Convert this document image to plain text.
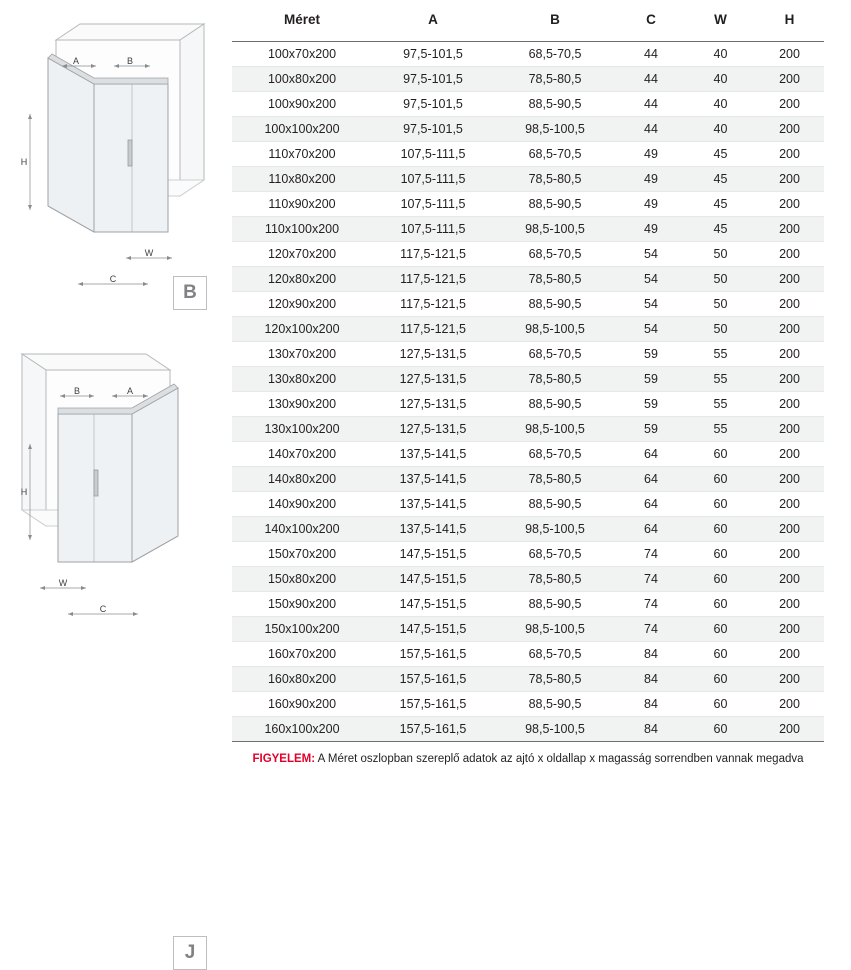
A	B
H
W
C
B
B	A
H
W
C
J
Méret	A	B	C	W	H
100x70x200	97,5-101,5	68,5-70,5	44	40	200
100x80x200	97,5-101,5	78,5-80,5	44	40	200
100x90x200	97,5-101,5	88,5-90,5	44	40	200
100x100x200	97,5-101,5	98,5-100,5	44	40	200
110x70x200	107,5-111,5	68,5-70,5	49	45	200
110x80x200	107,5-111,5	78,5-80,5	49	45	200
110x90x200	107,5-111,5	88,5-90,5	49	45	200
110x100x200	107,5-111,5	98,5-100,5	49	45	200
120x70x200	117,5-121,5	68,5-70,5	54	50	200
120x80x200	117,5-121,5	78,5-80,5	54	50	200
120x90x200	117,5-121,5	88,5-90,5	54	50	200
120x100x200	117,5-121,5	98,5-100,5	54	50	200
130x70x200	127,5-131,5	68,5-70,5	59	55	200
130x80x200	127,5-131,5	78,5-80,5	59	55	200
130x90x200	127,5-131,5	88,5-90,5	59	55	200
130x100x200	127,5-131,5	98,5-100,5	59	55	200
140x70x200	137,5-141,5	68,5-70,5	64	60	200
140x80x200	137,5-141,5	78,5-80,5	64	60	200
140x90x200	137,5-141,5	88,5-90,5	64	60	200
140x100x200	137,5-141,5	98,5-100,5	64	60	200
150x70x200	147,5-151,5	68,5-70,5	74	60	200
150x80x200	147,5-151,5	78,5-80,5	74	60	200
150x90x200	147,5-151,5	88,5-90,5	74	60	200
150x100x200	147,5-151,5	98,5-100,5	74	60	200
160x70x200	157,5-161,5	68,5-70,5	84	60	200
160x80x200	157,5-161,5	78,5-80,5	84	60	200
160x90x200	157,5-161,5	88,5-90,5	84	60	200
160x100x200	157,5-161,5	98,5-100,5	84	60	200
FIGYELEM: A Méret oszlopban szereplő adatok az ajtó x oldallap x magasság sorrendben vannak megadva
